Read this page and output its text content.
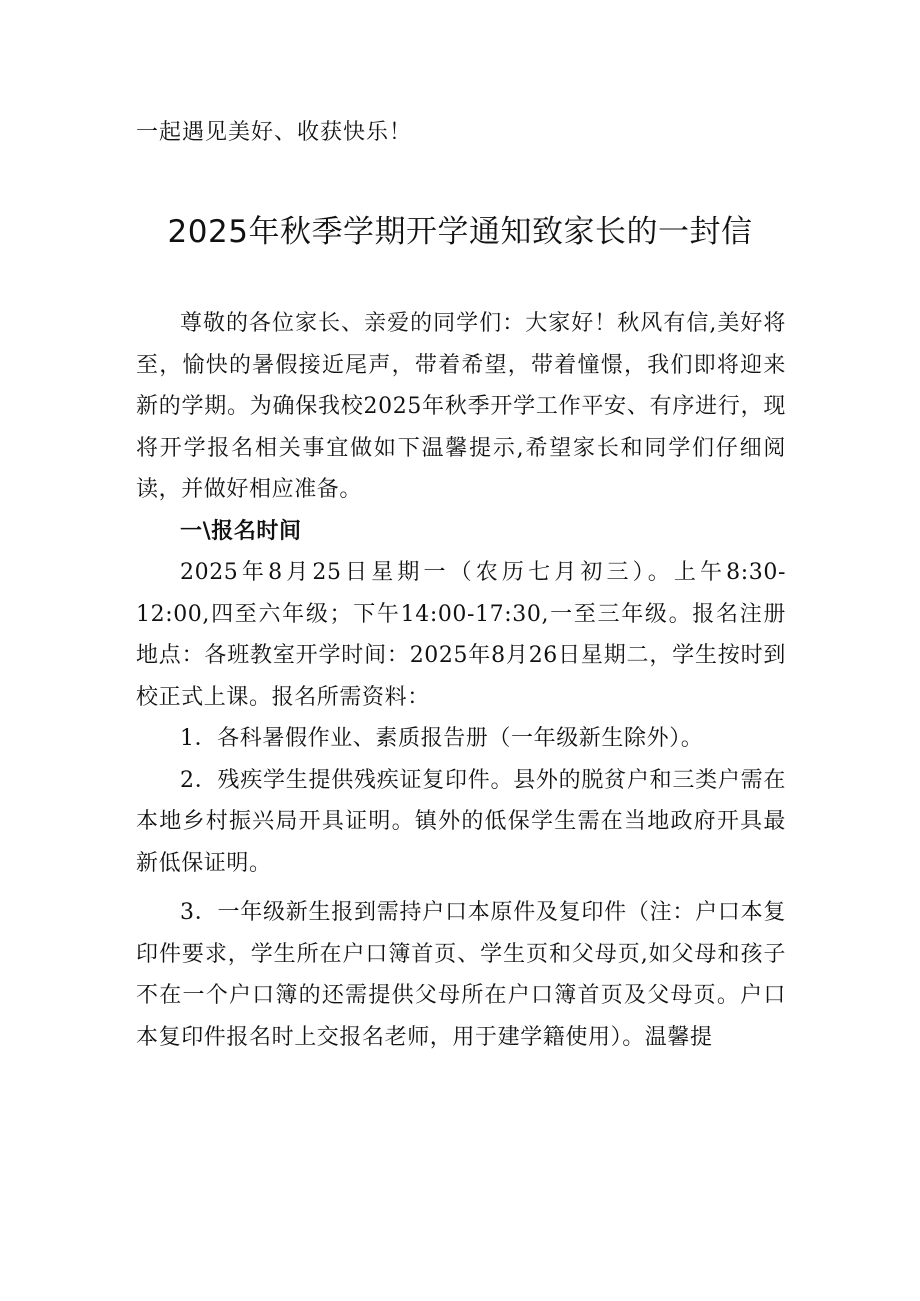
一起遇见美好、收获快乐！

2025年秋季学期开学通知致家长的一封信

尊敬的各位家长、亲爱的同学们：大家好！秋风有信,美好将至，愉快的暑假接近尾声，带着希望，带着憧憬，我们即将迎来新的学期。为确保我校2025年秋季开学工作平安、有序进行，现将开学报名相关事宜做如下温馨提示,希望家长和同学们仔细阅读，并做好相应准备。

一\报名时间

2025年8月25日星期一（农历七月初三）。上午8:30-12:00,四至六年级；下午14:00-17:30,一至三年级。报名注册地点：各班教室开学时间：2025年8月26日星期二，学生按时到校正式上课。报名所需资料：

1．各科暑假作业、素质报告册（一年级新生除外）。

2．残疾学生提供残疾证复印件。县外的脱贫户和三类户需在本地乡村振兴局开具证明。镇外的低保学生需在当地政府开具最新低保证明。

3．一年级新生报到需持户口本原件及复印件（注：户口本复印件要求，学生所在户口簿首页、学生页和父母页,如父母和孩子不在一个户口簿的还需提供父母所在户口簿首页及父母页。户口本复印件报名时上交报名老师，用于建学籍使用）。温馨提
